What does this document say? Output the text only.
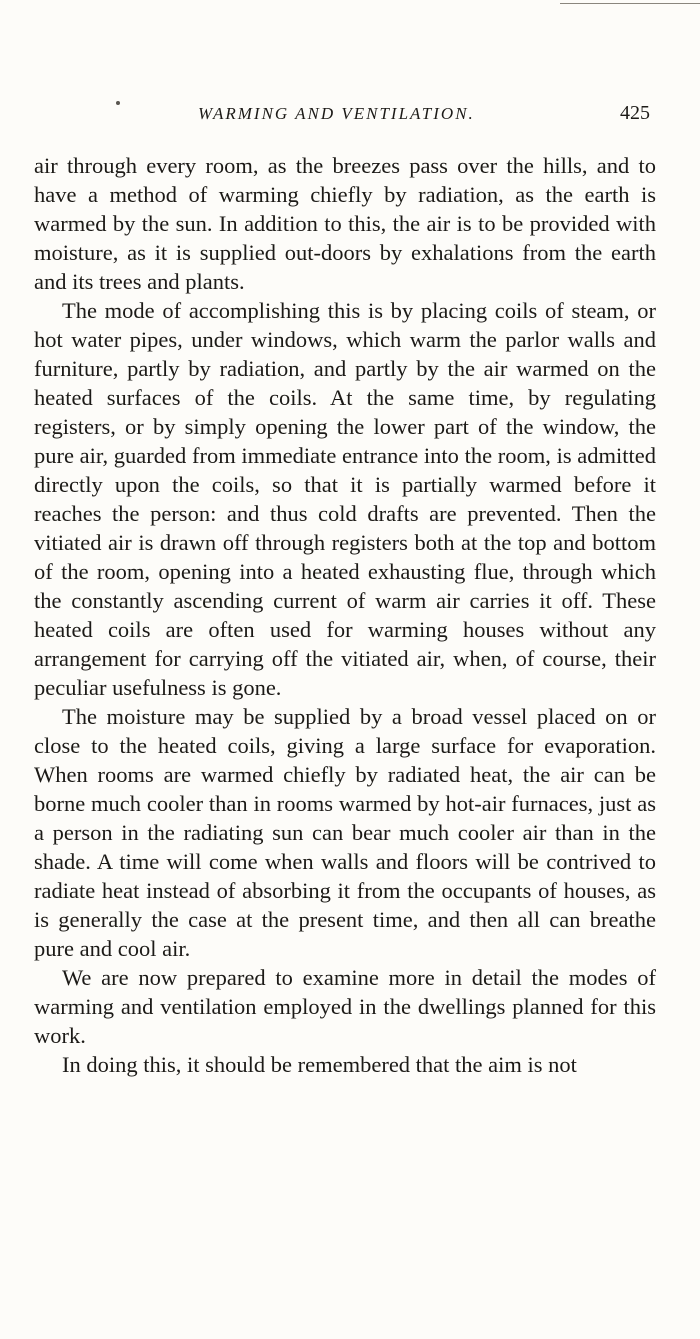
WARMING AND VENTILATION.	425

air through every room, as the breezes pass over the hills, and to have a method of warming chiefly by radiation, as the earth is warmed by the sun. In addition to this, the air is to be provided with moisture, as it is supplied out-doors by exhalations from the earth and its trees and plants.

The mode of accomplishing this is by placing coils of steam, or hot water pipes, under windows, which warm the parlor walls and furniture, partly by radiation, and partly by the air warmed on the heated surfaces of the coils. At the same time, by regulating registers, or by simply opening the lower part of the window, the pure air, guarded from immediate entrance into the room, is admitted directly upon the coils, so that it is partially warmed before it reaches the person: and thus cold drafts are prevented. Then the vitiated air is drawn off through registers both at the top and bottom of the room, opening into a heated exhausting flue, through which the constantly ascending current of warm air carries it off. These heated coils are often used for warming houses without any arrangement for carrying off the vitiated air, when, of course, their peculiar usefulness is gone.

The moisture may be supplied by a broad vessel placed on or close to the heated coils, giving a large surface for evaporation. When rooms are warmed chiefly by radiated heat, the air can be borne much cooler than in rooms warmed by hot-air furnaces, just as a person in the radiating sun can bear much cooler air than in the shade. A time will come when walls and floors will be contrived to radiate heat instead of absorbing it from the occupants of houses, as is generally the case at the present time, and then all can breathe pure and cool air.

We are now prepared to examine more in detail the modes of warming and ventilation employed in the dwellings planned for this work.

In doing this, it should be remembered that the aim is not
